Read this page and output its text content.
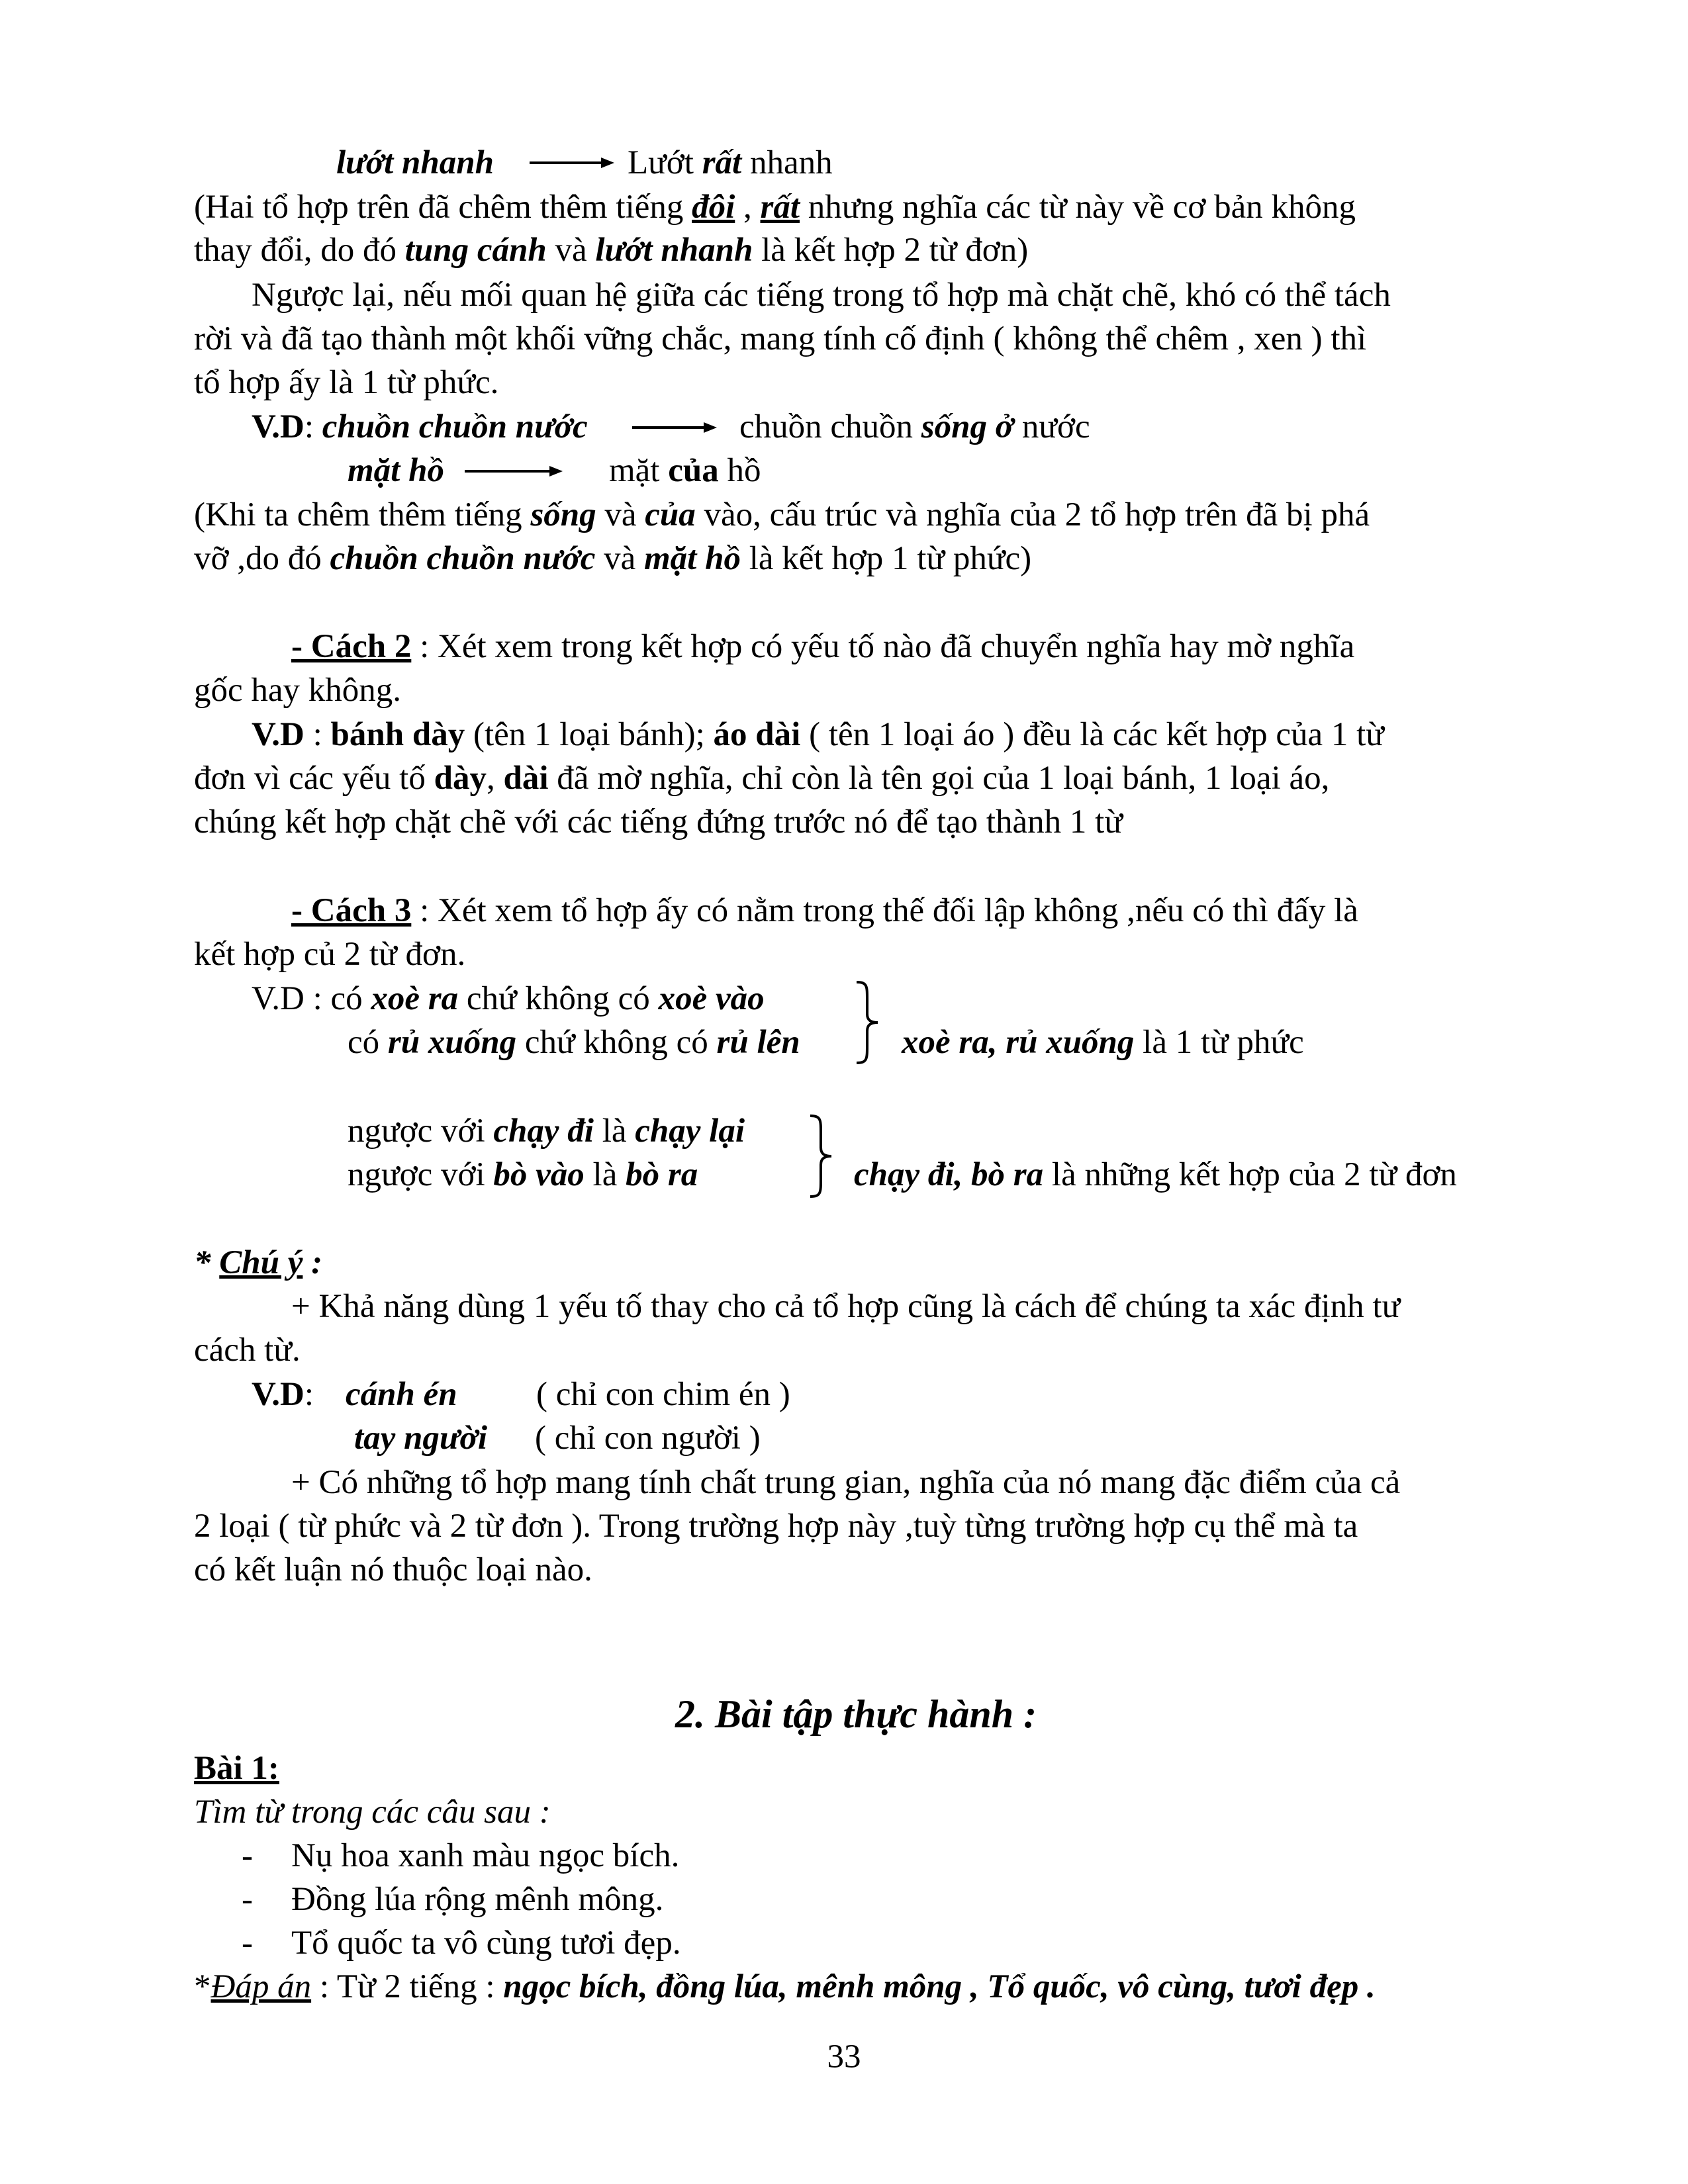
lướt nhanh	Lướt rất nhanh
(Hai tổ hợp trên đã chêm thêm tiếng đôi , rất nhưng nghĩa các từ này về cơ bản không
thay đổi, do đó tung cánh và lướt nhanh là kết hợp 2 từ đơn)
Ngược lại, nếu mối quan hệ giữa các tiếng trong tổ hợp mà chặt chẽ, khó có thể tách
rời và đã tạo thành một khối vững chắc, mang tính cố định ( không thể chêm , xen ) thì
tổ hợp ấy là 1 từ phức.
V.D: chuồn chuồn nước	chuồn chuồn sống ở nước
mặt hồ	mặt của hồ
(Khi ta chêm thêm tiếng sống và của vào, cấu trúc và nghĩa của 2 tổ hợp trên đã bị phá
vỡ ,do đó chuồn chuồn nước và mặt hồ là kết hợp 1 từ phức)
- Cách 2 : Xét xem trong kết hợp có yếu tố nào đã chuyển nghĩa hay mờ nghĩa
gốc hay không.
V.D : bánh dày (tên 1 loại bánh); áo dài ( tên 1 loại áo ) đều là các kết hợp của 1 từ
đơn vì các yếu tố dày, dài đã mờ nghĩa, chỉ còn là tên gọi của 1 loại bánh, 1 loại áo,
chúng kết hợp chặt chẽ với các tiếng đứng trước nó để tạo thành 1 từ
- Cách 3 : Xét xem tổ hợp ấy có nằm trong thế đối lập không ,nếu có thì đấy là
kết hợp củ 2 từ đơn.
V.D : có xoè ra chứ không có xoè vào
có rủ xuống chứ không có rủ lên	xoè ra, rủ xuống là 1 từ phức
ngược với chạy đi là chạy lại
ngược với bò vào là bò ra	chạy đi, bò ra là những kết hợp của 2 từ đơn
* Chú ý :
+ Khả năng dùng 1 yếu tố thay cho cả tổ hợp cũng là cách để chúng ta xác định tư
cách từ.
V.D: cánh én ( chỉ con chim én )
tay người ( chỉ con người )
+ Có những tổ hợp mang tính chất trung gian, nghĩa của nó mang đặc điểm của cả
2 loại ( từ phức và 2 từ đơn ). Trong trường hợp này ,tuỳ từng trường hợp cụ thể mà ta
có kết luận nó thuộc loại nào.
2. Bài tập thực hành :
Bài 1:
Tìm từ trong các câu sau :
- Nụ hoa xanh màu ngọc bích.
- Đồng lúa rộng mênh mông.
- Tổ quốc ta vô cùng tươi đẹp.
*Đáp án : Từ 2 tiếng : ngọc bích, đồng lúa, mênh mông , Tổ quốc, vô cùng, tươi đẹp .
33
